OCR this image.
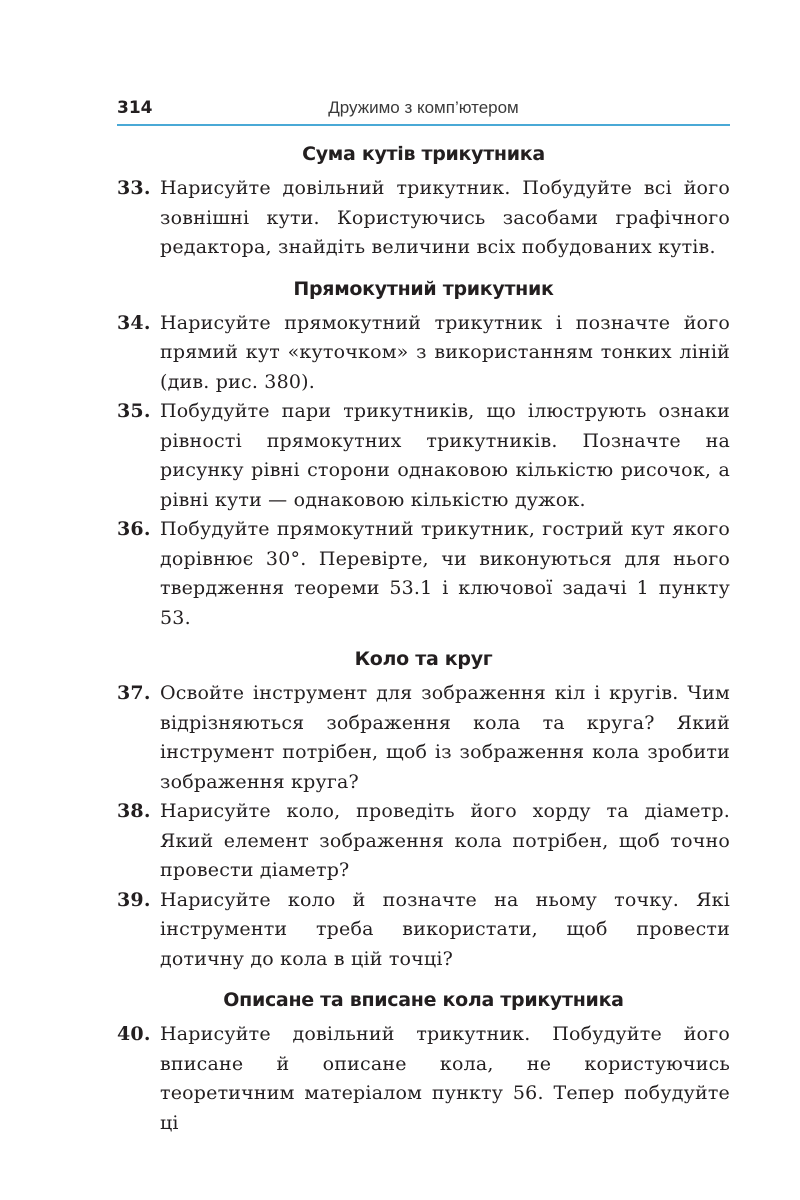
314	Дружимо з комп’ютером
Сума кутів трикутника
33. Нарисуйте довільний трикутник. Побудуйте всі його зовнішні кути. Користуючись засобами графічного редактора, знайдіть величини всіх побудованих кутів.
Прямокутний трикутник
34. Нарисуйте прямокутний трикутник і позначте його прямий кут «куточком» з використанням тонких ліній (див. рис. 380).
35. Побудуйте пари трикутників, що ілюструють ознаки рівності прямокутних трикутників. Позначте на рисунку рівні сторони однаковою кількістю рисочок, а рівні кути — однаковою кількістю дужок.
36. Побудуйте прямокутний трикутник, гострий кут якого дорівнює 30°. Перевірте, чи виконуються для нього твердження теореми 53.1 і ключової задачі 1 пункту 53.
Коло та круг
37. Освойте інструмент для зображення кіл і кругів. Чим відрізняються зображення кола та круга? Який інструмент потрібен, щоб із зображення кола зробити зображення круга?
38. Нарисуйте коло, проведіть його хорду та діаметр. Який елемент зображення кола потрібен, щоб точно провести діаметр?
39. Нарисуйте коло й позначте на ньому точку. Які інструменти треба використати, щоб провести дотичну до кола в цій точці?
Описане та вписане кола трикутника
40. Нарисуйте довільний трикутник. Побудуйте його вписане й описане кола, не користуючись теоретичним матеріалом пункту 56. Тепер побудуйте ці
